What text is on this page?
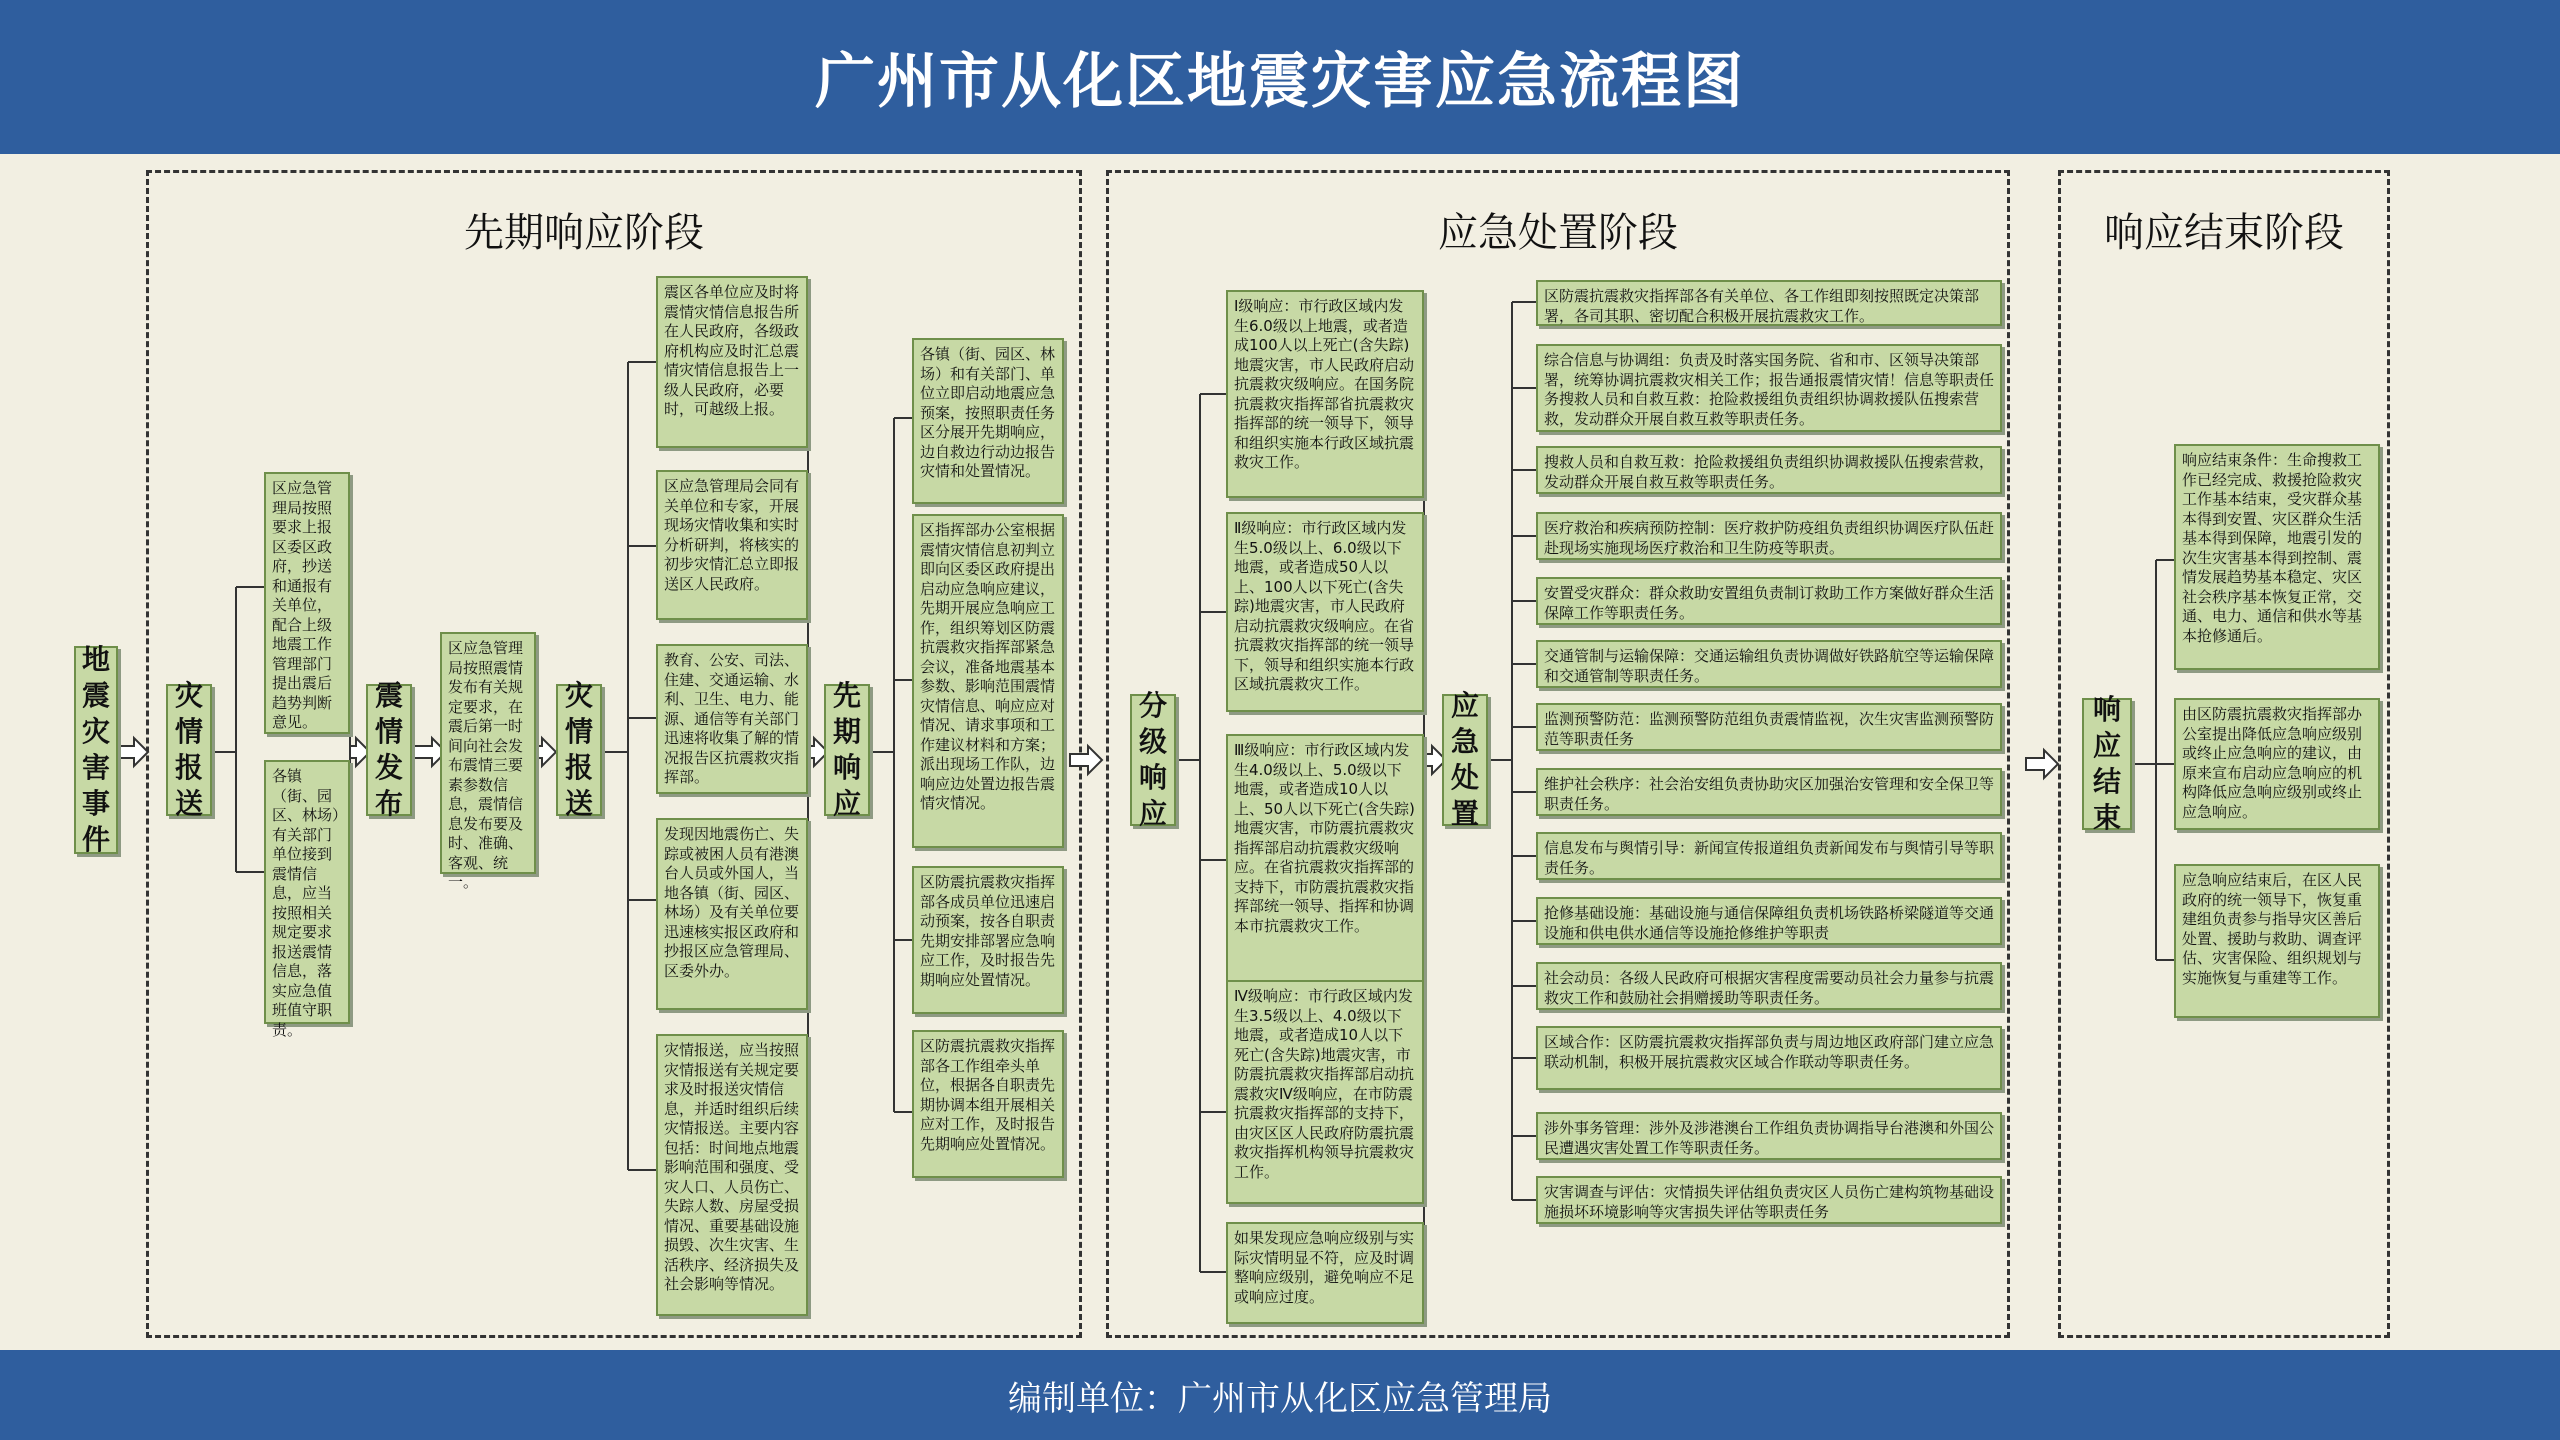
广州市从化区地震灾害应急流程图
先期响应阶段	应急处置阶段	响应结束阶段
地震灾害事件
灾情报送
震情发布
灾情报送
先期响应
分级响应
应急处置
响应结束
区应急管理局按照要求上报区委区政府，抄送和通报有关单位，配合上级地震工作管理部门提出震后趋势判断意见。
各镇（街、园区、林场）有关部门单位接到震情信息，应当按照相关规定要求报送震情信息，落实应急值班值守职责。
区应急管理局按照震情发布有关规定要求，在震后第一时间向社会发布震情三要素参数信息，震情信息发布要及时、准确、客观、统一。
震区各单位应及时将震情灾情信息报告所在人民政府，各级政府机构应及时汇总震情灾情信息报告上一级人民政府，必要时，可越级上报。
区应急管理局会同有关单位和专家，开展现场灾情收集和实时分析研判，将核实的初步灾情汇总立即报送区人民政府。
教育、公安、司法、住建、交通运输、水利、卫生、电力、能源、通信等有关部门迅速将收集了解的情况报告区抗震救灾指挥部。
发现因地震伤亡、失踪或被困人员有港澳台人员或外国人，当地各镇（街、园区、林场）及有关单位要迅速核实报区政府和抄报区应急管理局、区委外办。
灾情报送，应当按照灾情报送有关规定要求及时报送灾情信息，并适时组织后续灾情报送。主要内容包括：时间地点地震影响范围和强度、受灾人口、人员伤亡、失踪人数、房屋受损情况、重要基础设施损毁、次生灾害、生活秩序、经济损失及社会影响等情况。
各镇（街、园区、林场）和有关部门、单位立即启动地震应急预案，按照职责任务区分展开先期响应，边自救边行动边报告灾情和处置情况。
区指挥部办公室根据震情灾情信息初判立即向区委区政府提出启动应急响应建议，先期开展应急响应工作，组织筹划区防震抗震救灾指挥部紧急会议，准备地震基本参数、影响范围震情灾情信息、响应应对情况、请求事项和工作建议材料和方案；派出现场工作队，边响应边处置边报告震情灾情况。
区防震抗震救灾指挥部各成员单位迅速启动预案，按各自职责先期安排部署应急响应工作，及时报告先期响应处置情况。
区防震抗震救灾指挥部各工作组牵头单位，根据各自职责先期协调本组开展相关应对工作，及时报告先期响应处置情况。
Ⅰ级响应：市行政区域内发生6.0级以上地震，或者造成100人以上死亡(含失踪)地震灾害，市人民政府启动抗震救灾级响应。在国务院抗震救灾指挥部省抗震救灾指挥部的统一领导下，领导和组织实施本行政区域抗震救灾工作。
Ⅱ级响应：市行政区域内发生5.0级以上、6.0级以下地震，或者造成50人以上、100人以下死亡(含失踪)地震灾害，市人民政府启动抗震救灾级响应。在省抗震救灾指挥部的统一领导下，领导和组织实施本行政区域抗震救灾工作。
Ⅲ级响应：市行政区域内发生4.0级以上、5.0级以下地震，或者造成10人以上、50人以下死亡(含失踪)地震灾害，市防震抗震救灾指挥部启动抗震救灾级响应。在省抗震救灾指挥部的支持下，市防震抗震救灾指挥部统一领导、指挥和协调本市抗震救灾工作。
Ⅳ级响应：市行政区域内发生3.5级以上、4.0级以下地震，或者造成10人以下死亡(含失踪)地震灾害，市防震抗震救灾指挥部启动抗震救灾Ⅳ级响应，在市防震抗震救灾指挥部的支持下，由灾区区人民政府防震抗震救灾指挥机构领导抗震救灾工作。
如果发现应急响应级别与实际灾情明显不符，应及时调整响应级别，避免响应不足或响应过度。
区防震抗震救灾指挥部各有关单位、各工作组即刻按照既定决策部署，各司其职、密切配合积极开展抗震救灾工作。
综合信息与协调组：负责及时落实国务院、省和市、区领导决策部署，统筹协调抗震救灾相关工作；报告通报震情灾情！信息等职责任务搜救人员和自救互救：抢险救援组负责组织协调救援队伍搜索营救，发动群众开展自救互救等职责任务。
搜救人员和自救互救：抢险救援组负责组织协调救援队伍搜索营救，发动群众开展自救互救等职责任务。
医疗救治和疾病预防控制：医疗救护防疫组负责组织协调医疗队伍赶赴现场实施现场医疗救治和卫生防疫等职责。
安置受灾群众：群众救助安置组负责制订救助工作方案做好群众生活保障工作等职责任务。
交通管制与运输保障：交通运输组负责协调做好铁路航空等运输保障和交通管制等职责任务。
监测预警防范：监测预警防范组负责震情监视，次生灾害监测预警防范等职责任务
维护社会秩序：社会治安组负责协助灾区加强治安管理和安全保卫等职责任务。
信息发布与舆情引导：新闻宣传报道组负责新闻发布与舆情引导等职责任务。
抢修基础设施：基础设施与通信保障组负责机场铁路桥梁隧道等交通设施和供电供水通信等设施抢修维护等职责
社会动员：各级人民政府可根据灾害程度需要动员社会力量参与抗震救灾工作和鼓励社会捐赠援助等职责任务。
区域合作：区防震抗震救灾指挥部负责与周边地区政府部门建立应急联动机制，积极开展抗震救灾区域合作联动等职责任务。
涉外事务管理：涉外及涉港澳台工作组负责协调指导台港澳和外国公民遭遇灾害处置工作等职责任务。
灾害调查与评估：灾情损失评估组负责灾区人员伤亡建构筑物基础设施损坏环境影响等灾害损失评估等职责任务
响应结束条件：生命搜救工作已经完成、救援抢险救灾工作基本结束，受灾群众基本得到安置、灾区群众生活基本得到保障，地震引发的次生灾害基本得到控制、震情发展趋势基本稳定、灾区社会秩序基本恢复正常，交通、电力、通信和供水等基本抢修通后。
由区防震抗震救灾指挥部办公室提出降低应急响应级别或终止应急响应的建议，由原来宣布启动应急响应的机构降低应急响应级别或终止应急响应。
应急响应结束后，在区人民政府的统一领导下，恢复重建组负责参与指导灾区善后处置、援助与救助、调查评估、灾害保险、组织规划与实施恢复与重建等工作。
编制单位：广州市从化区应急管理局
